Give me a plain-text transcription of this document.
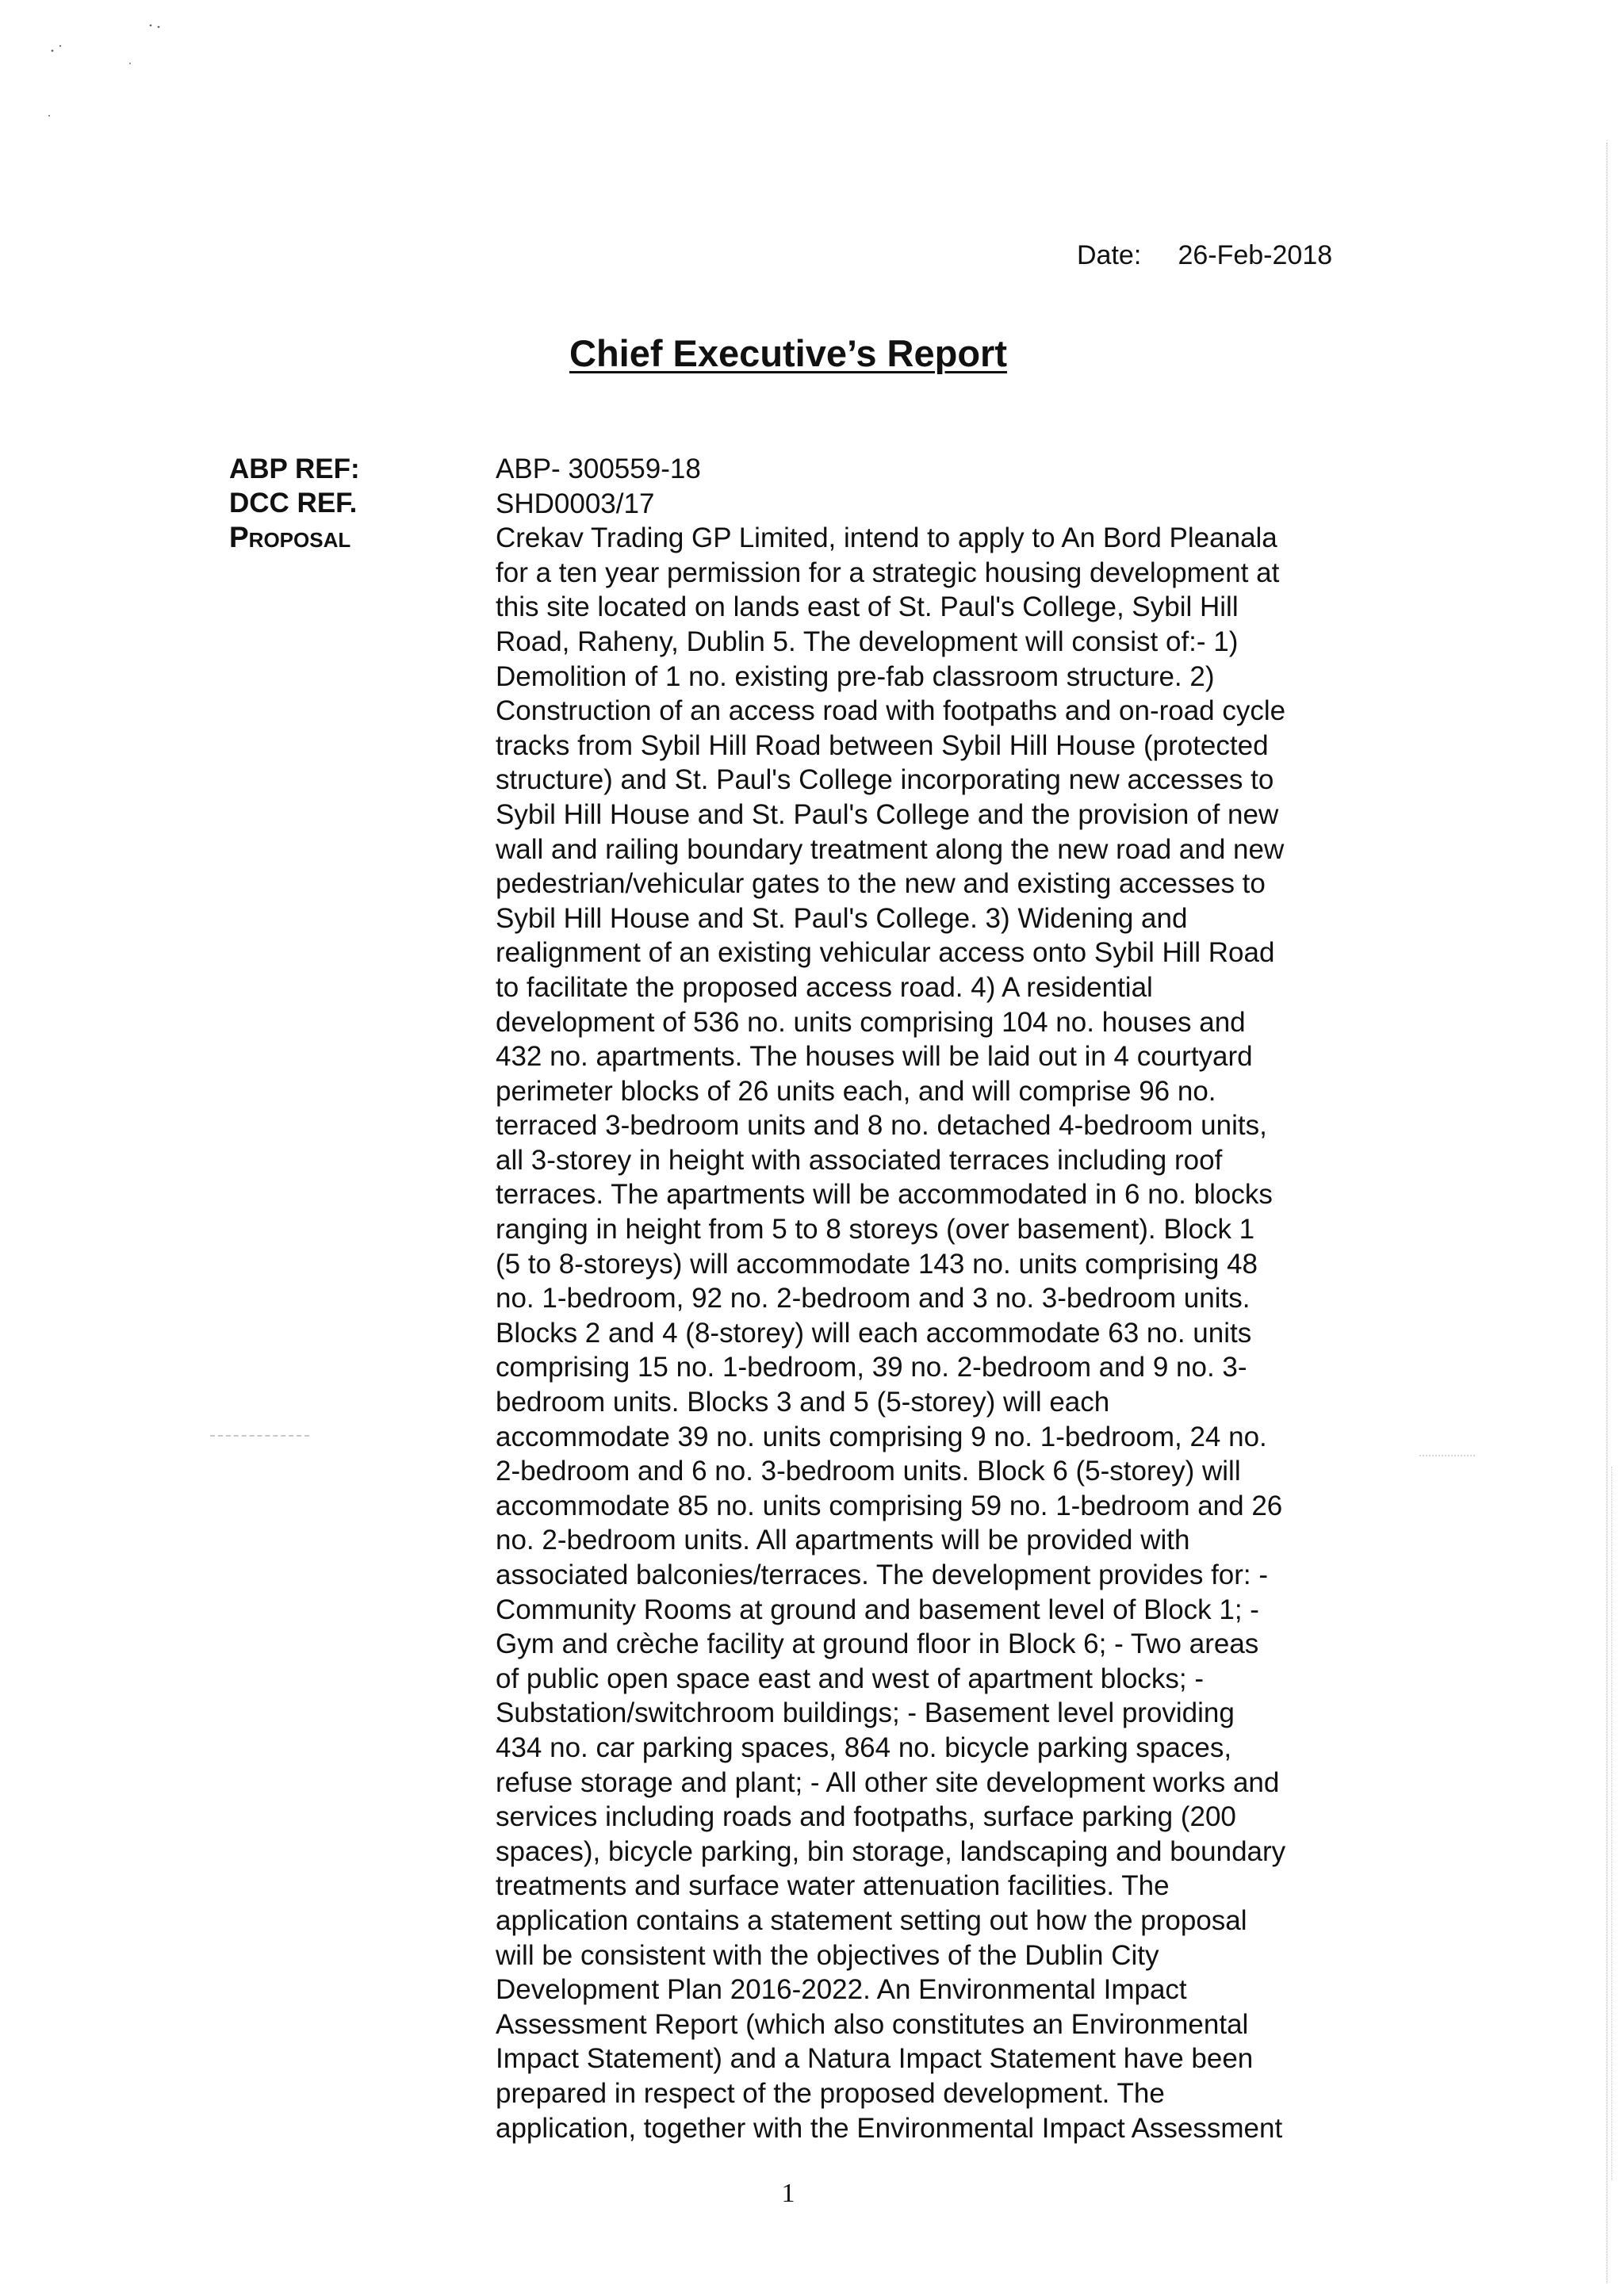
Date: 26-Feb-2018
Chief Executive’s Report
ABP REF:
DCC REF.
Proposal
ABP- 300559-18
SHD0003/17
Crekav Trading GP Limited, intend to apply to An Bord Pleanala
for a ten year permission for a strategic housing development at
this site located on lands east of St. Paul's College, Sybil Hill
Road, Raheny, Dublin 5. The development will consist of:- 1)
Demolition of 1 no. existing pre-fab classroom structure. 2)
Construction of an access road with footpaths and on-road cycle
tracks from Sybil Hill Road between Sybil Hill House (protected
structure) and St. Paul's College incorporating new accesses to
Sybil Hill House and St. Paul's College and the provision of new
wall and railing boundary treatment along the new road and new
pedestrian/vehicular gates to the new and existing accesses to
Sybil Hill House and St. Paul's College. 3) Widening and
realignment of an existing vehicular access onto Sybil Hill Road
to facilitate the proposed access road. 4) A residential
development of 536 no. units comprising 104 no. houses and
432 no. apartments. The houses will be laid out in 4 courtyard
perimeter blocks of 26 units each, and will comprise 96 no.
terraced 3-bedroom units and 8 no. detached 4-bedroom units,
all 3-storey in height with associated terraces including roof
terraces. The apartments will be accommodated in 6 no. blocks
ranging in height from 5 to 8 storeys (over basement). Block 1
(5 to 8-storeys) will accommodate 143 no. units comprising 48
no. 1-bedroom, 92 no. 2-bedroom and 3 no. 3-bedroom units.
Blocks 2 and 4 (8-storey) will each accommodate 63 no. units
comprising 15 no. 1-bedroom, 39 no. 2-bedroom and 9 no. 3-
bedroom units. Blocks 3 and 5 (5-storey) will each
accommodate 39 no. units comprising 9 no. 1-bedroom, 24 no.
2-bedroom and 6 no. 3-bedroom units. Block 6 (5-storey) will
accommodate 85 no. units comprising 59 no. 1-bedroom and 26
no. 2-bedroom units. All apartments will be provided with
associated balconies/terraces. The development provides for: -
Community Rooms at ground and basement level of Block 1; -
Gym and crèche facility at ground floor in Block 6; - Two areas
of public open space east and west of apartment blocks; -
Substation/switchroom buildings; - Basement level providing
434 no. car parking spaces, 864 no. bicycle parking spaces,
refuse storage and plant; - All other site development works and
services including roads and footpaths, surface parking (200
spaces), bicycle parking, bin storage, landscaping and boundary
treatments and surface water attenuation facilities. The
application contains a statement setting out how the proposal
will be consistent with the objectives of the Dublin City
Development Plan 2016-2022. An Environmental Impact
Assessment Report (which also constitutes an Environmental
Impact Statement) and a Natura Impact Statement have been
prepared in respect of the proposed development. The
application, together with the Environmental Impact Assessment
1
